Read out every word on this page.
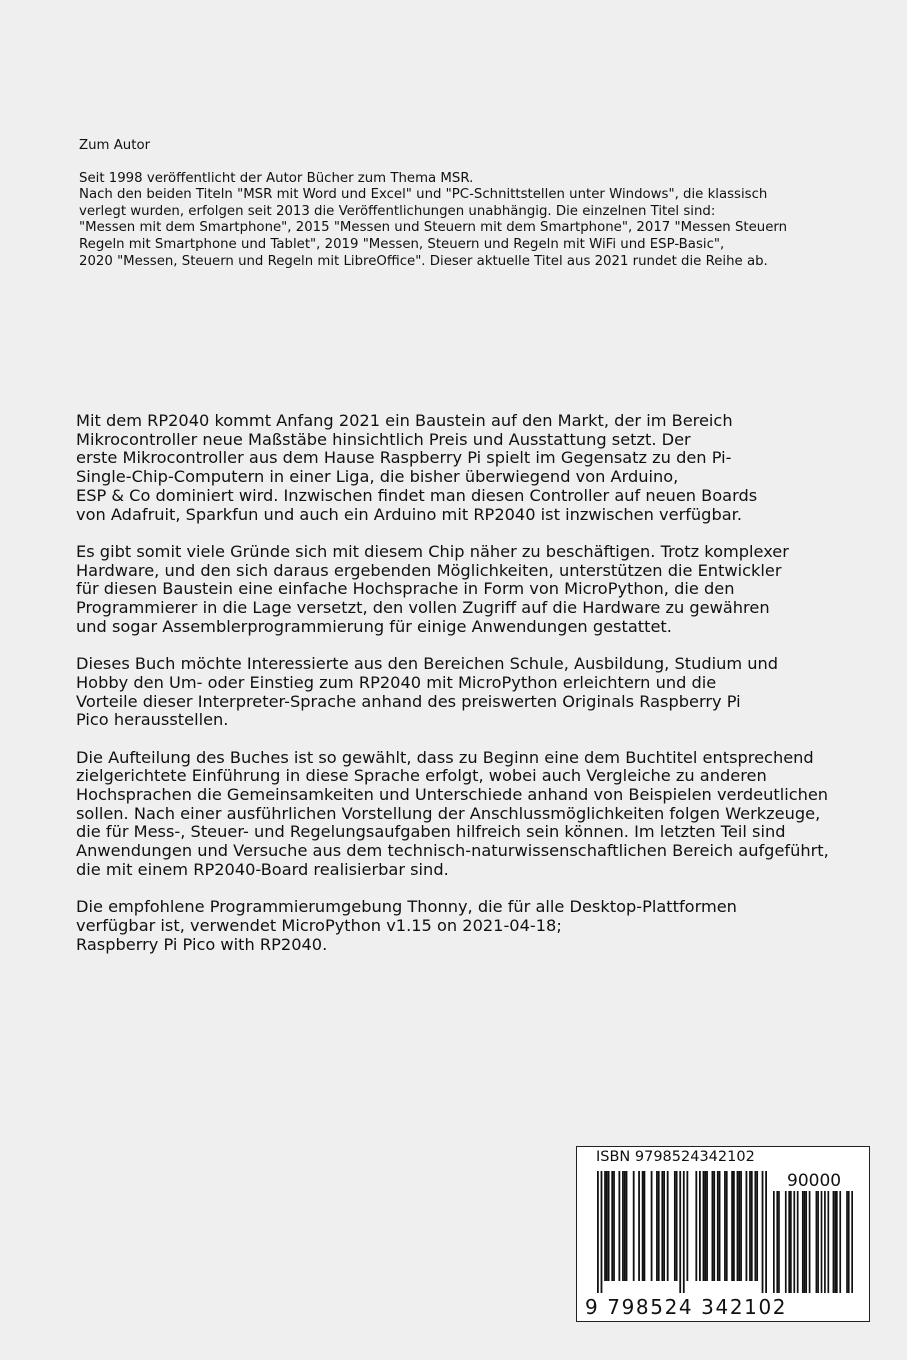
Zum Autor
Seit 1998 veröffentlicht der Autor Bücher zum Thema MSR.
Nach den beiden Titeln "MSR mit Word und Excel" und "PC-Schnittstellen unter Windows", die klassisch
verlegt wurden, erfolgen seit 2013 die Veröffentlichungen unabhängig. Die einzelnen Titel sind:
"Messen mit dem Smartphone", 2015 "Messen und Steuern mit dem Smartphone", 2017 "Messen Steuern
Regeln mit Smartphone und Tablet", 2019 "Messen, Steuern und Regeln mit WiFi und ESP-Basic",
2020 "Messen, Steuern und Regeln mit LibreOffice". Dieser aktuelle Titel aus 2021 rundet die Reihe ab.
Mit dem RP2040 kommt Anfang 2021 ein Baustein auf den Markt, der im Bereich
Mikrocontroller neue Maßstäbe hinsichtlich Preis und Ausstattung setzt. Der
erste Mikrocontroller aus dem Hause Raspberry Pi spielt im Gegensatz zu den Pi-
Single-Chip-Computern in einer Liga, die bisher überwiegend von Arduino,
ESP & Co dominiert wird. Inzwischen findet man diesen Controller auf neuen Boards
von Adafruit, Sparkfun und auch ein Arduino mit RP2040 ist inzwischen verfügbar.
Es gibt somit viele Gründe sich mit diesem Chip näher zu beschäftigen. Trotz komplexer
Hardware, und den sich daraus ergebenden Möglichkeiten, unterstützen die Entwickler
für diesen Baustein eine einfache Hochsprache in Form von MicroPython, die den
Programmierer in die Lage versetzt, den vollen Zugriff auf die Hardware zu gewähren
und sogar Assemblerprogrammierung für einige Anwendungen gestattet.
Dieses Buch möchte Interessierte aus den Bereichen Schule, Ausbildung, Studium und
Hobby den Um- oder Einstieg zum RP2040 mit MicroPython erleichtern und die
Vorteile dieser Interpreter-Sprache anhand des preiswerten Originals Raspberry Pi
Pico herausstellen.
Die Aufteilung des Buches ist so gewählt, dass zu Beginn eine dem Buchtitel entsprechend
zielgerichtete Einführung in diese Sprache erfolgt, wobei auch Vergleiche zu anderen
Hochsprachen die Gemeinsamkeiten und Unterschiede anhand von Beispielen verdeutlichen
sollen. Nach einer ausführlichen Vorstellung der Anschlussmöglichkeiten folgen Werkzeuge,
die für Mess-, Steuer- und Regelungsaufgaben hilfreich sein können. Im letzten Teil sind
Anwendungen und Versuche aus dem technisch-naturwissenschaftlichen Bereich aufgeführt,
die mit einem RP2040-Board realisierbar sind.
Die empfohlene Programmierumgebung Thonny, die für alle Desktop-Plattformen
verfügbar ist, verwendet MicroPython v1.15 on 2021-04-18;
Raspberry Pi Pico with RP2040.
ISBN 9798524342102
90000
9 798524 342102
